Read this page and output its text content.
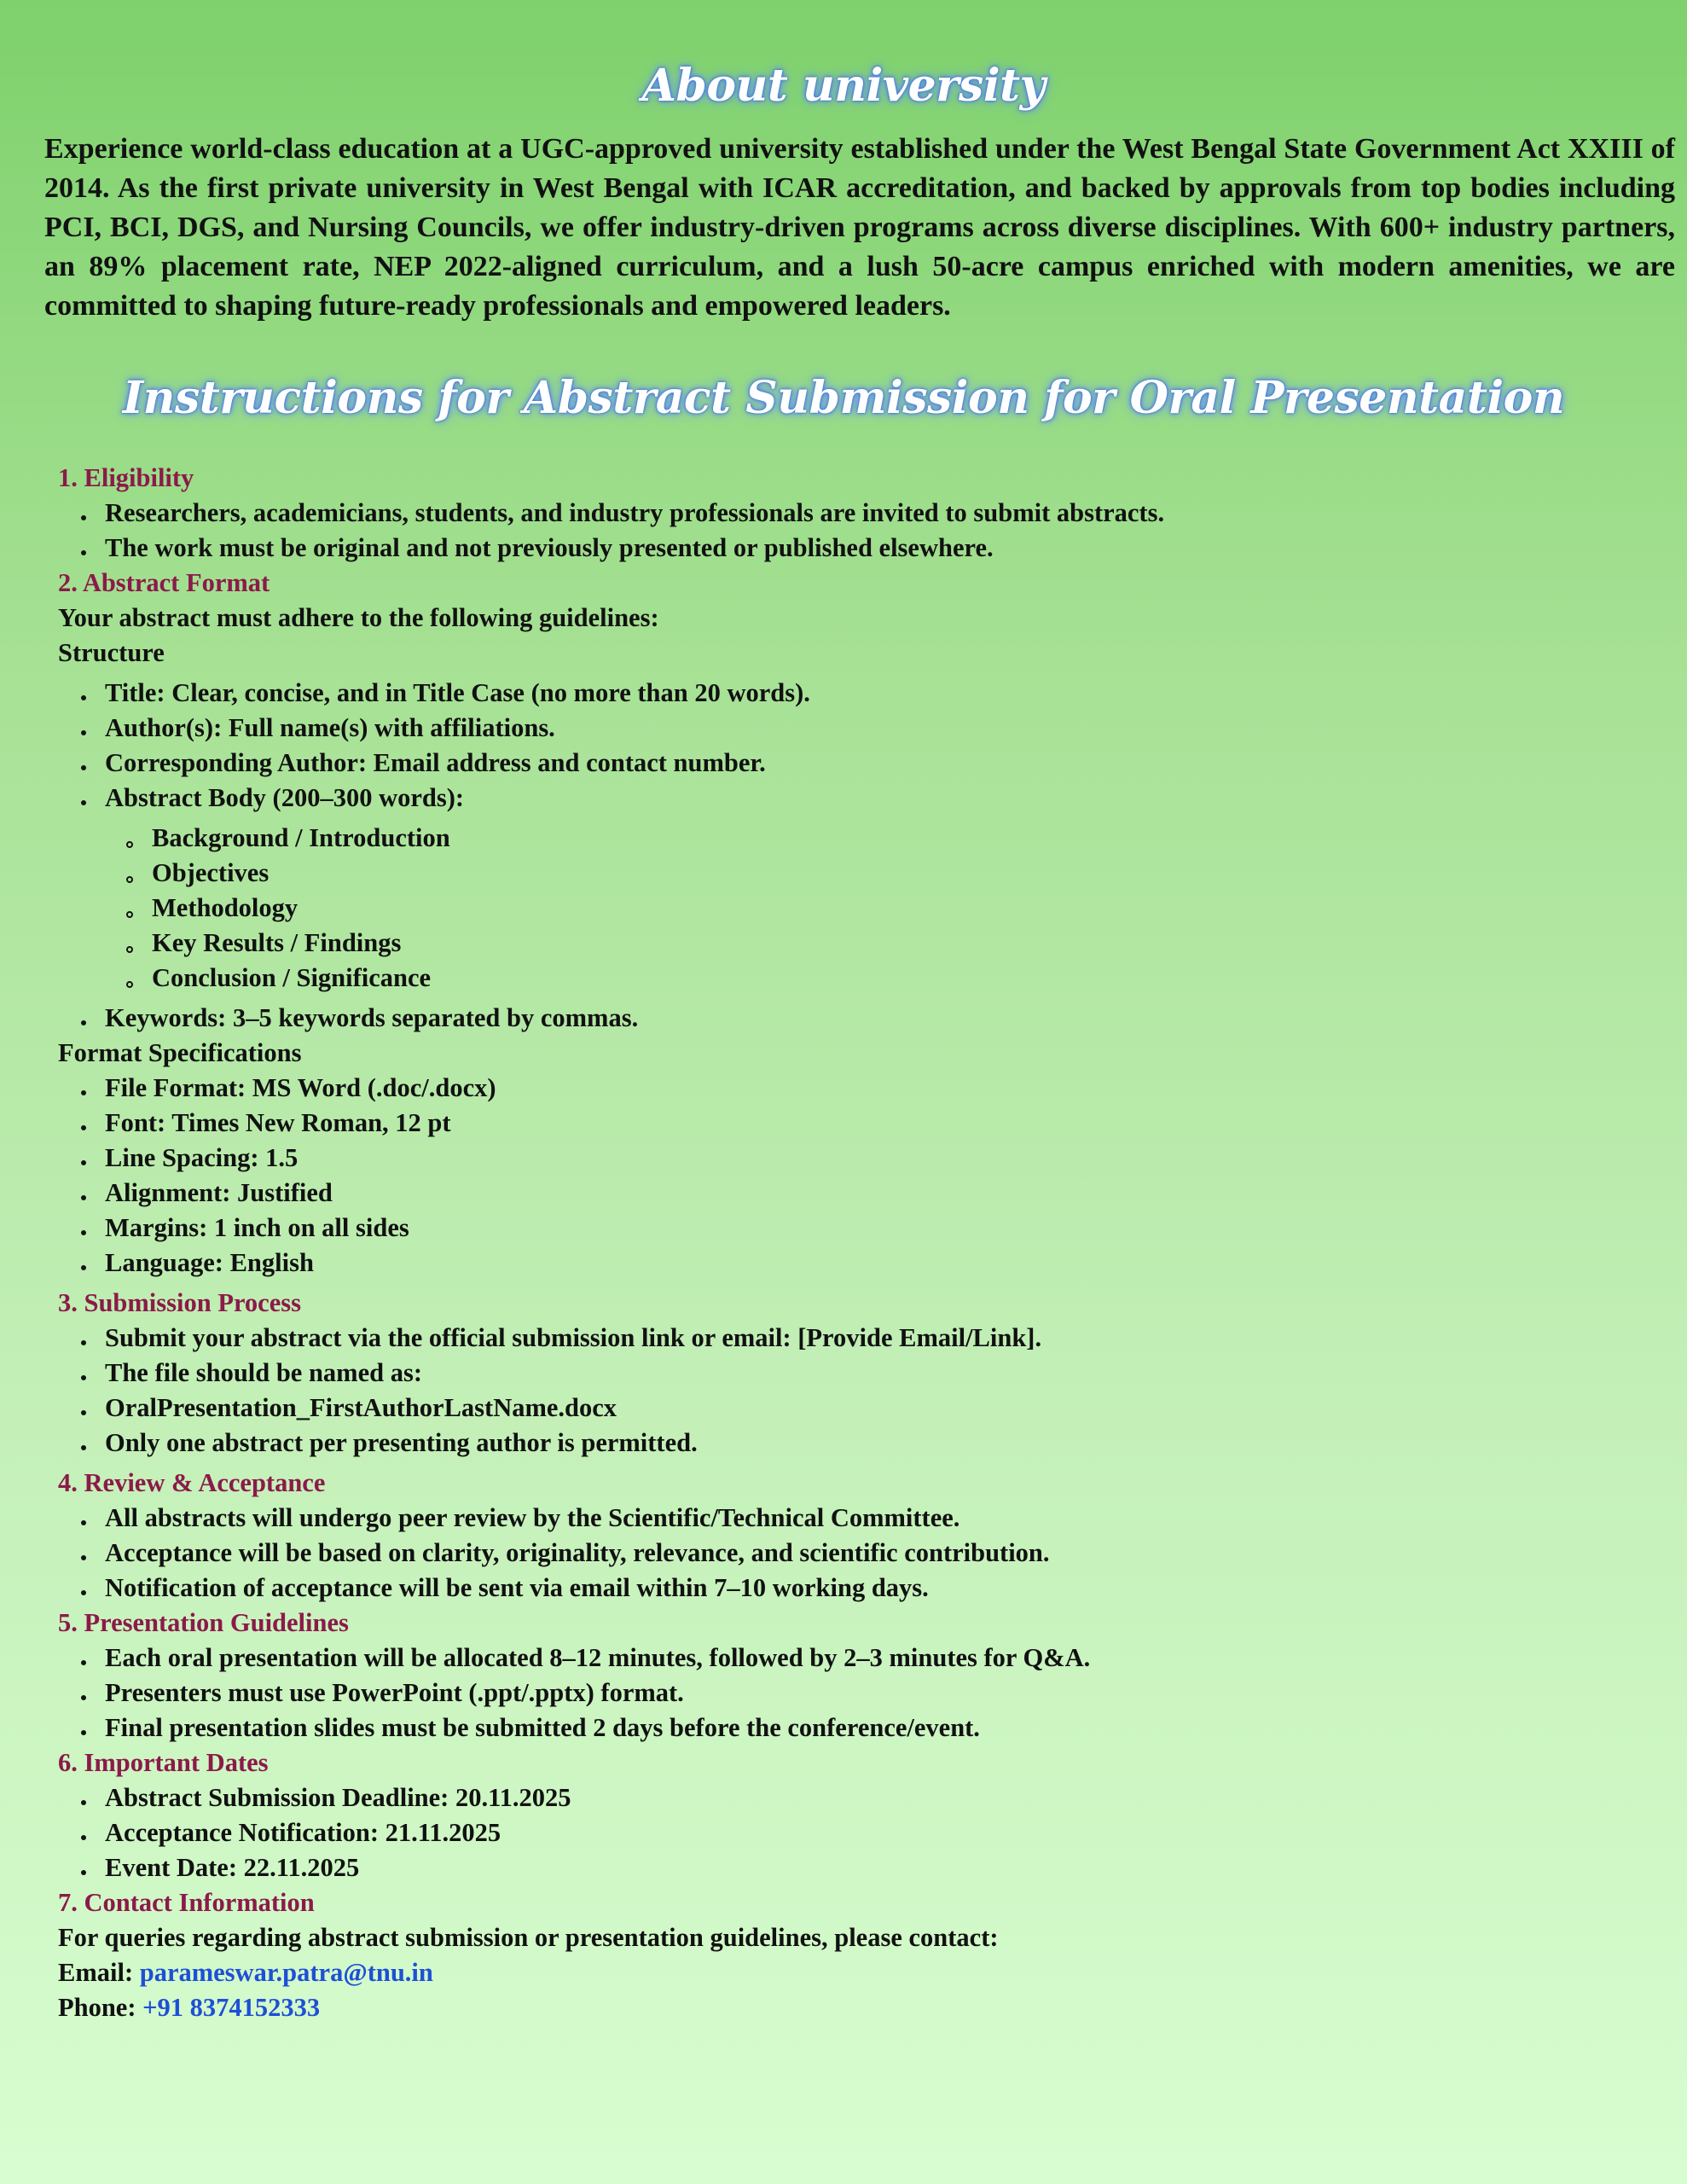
About university

Experience world-class education at a UGC-approved university established under the West Bengal State Government Act XXIII of 2014. As the first private university in West Bengal with ICAR accreditation, and backed by approvals from top bodies including PCI, BCI, DGS, and Nursing Councils, we offer industry-driven programs across diverse disciplines. With 600+ industry partners, an 89% placement rate, NEP 2022-aligned curriculum, and a lush 50-acre campus enriched with modern amenities, we are committed to shaping future-ready professionals and empowered leaders.

Instructions for Abstract Submission for Oral Presentation

1. Eligibility

Researchers, academicians, students, and industry professionals are invited to submit abstracts.
The work must be original and not previously presented or published elsewhere.

2. Abstract Format

Your abstract must adhere to the following guidelines:

Structure

Title: Clear, concise, and in Title Case (no more than 20 words).
Author(s): Full name(s) with affiliations.
Corresponding Author: Email address and contact number.
Abstract Body (200–300 words):
Background / Introduction
Objectives
Methodology
Key Results / Findings
Conclusion / Significance
Keywords: 3–5 keywords separated by commas.

Format Specifications

File Format: MS Word (.doc/.docx)
Font: Times New Roman, 12 pt
Line Spacing: 1.5
Alignment: Justified
Margins: 1 inch on all sides
Language: English

3. Submission Process

Submit your abstract via the official submission link or email: [Provide Email/Link].
The file should be named as:
OralPresentation_FirstAuthorLastName.docx
Only one abstract per presenting author is permitted.

4. Review & Acceptance

All abstracts will undergo peer review by the Scientific/Technical Committee.
Acceptance will be based on clarity, originality, relevance, and scientific contribution.
Notification of acceptance will be sent via email within 7–10 working days.

5. Presentation Guidelines

Each oral presentation will be allocated 8–12 minutes, followed by 2–3 minutes for Q&A.
Presenters must use PowerPoint (.ppt/.pptx) format.
Final presentation slides must be submitted 2 days before the conference/event.

6. Important Dates

Abstract Submission Deadline: 20.11.2025
Acceptance Notification: 21.11.2025
Event Date: 22.11.2025

7. Contact Information

For queries regarding abstract submission or presentation guidelines, please contact:

Email: parameswar.patra@tnu.in

Phone: +91 8374152333
